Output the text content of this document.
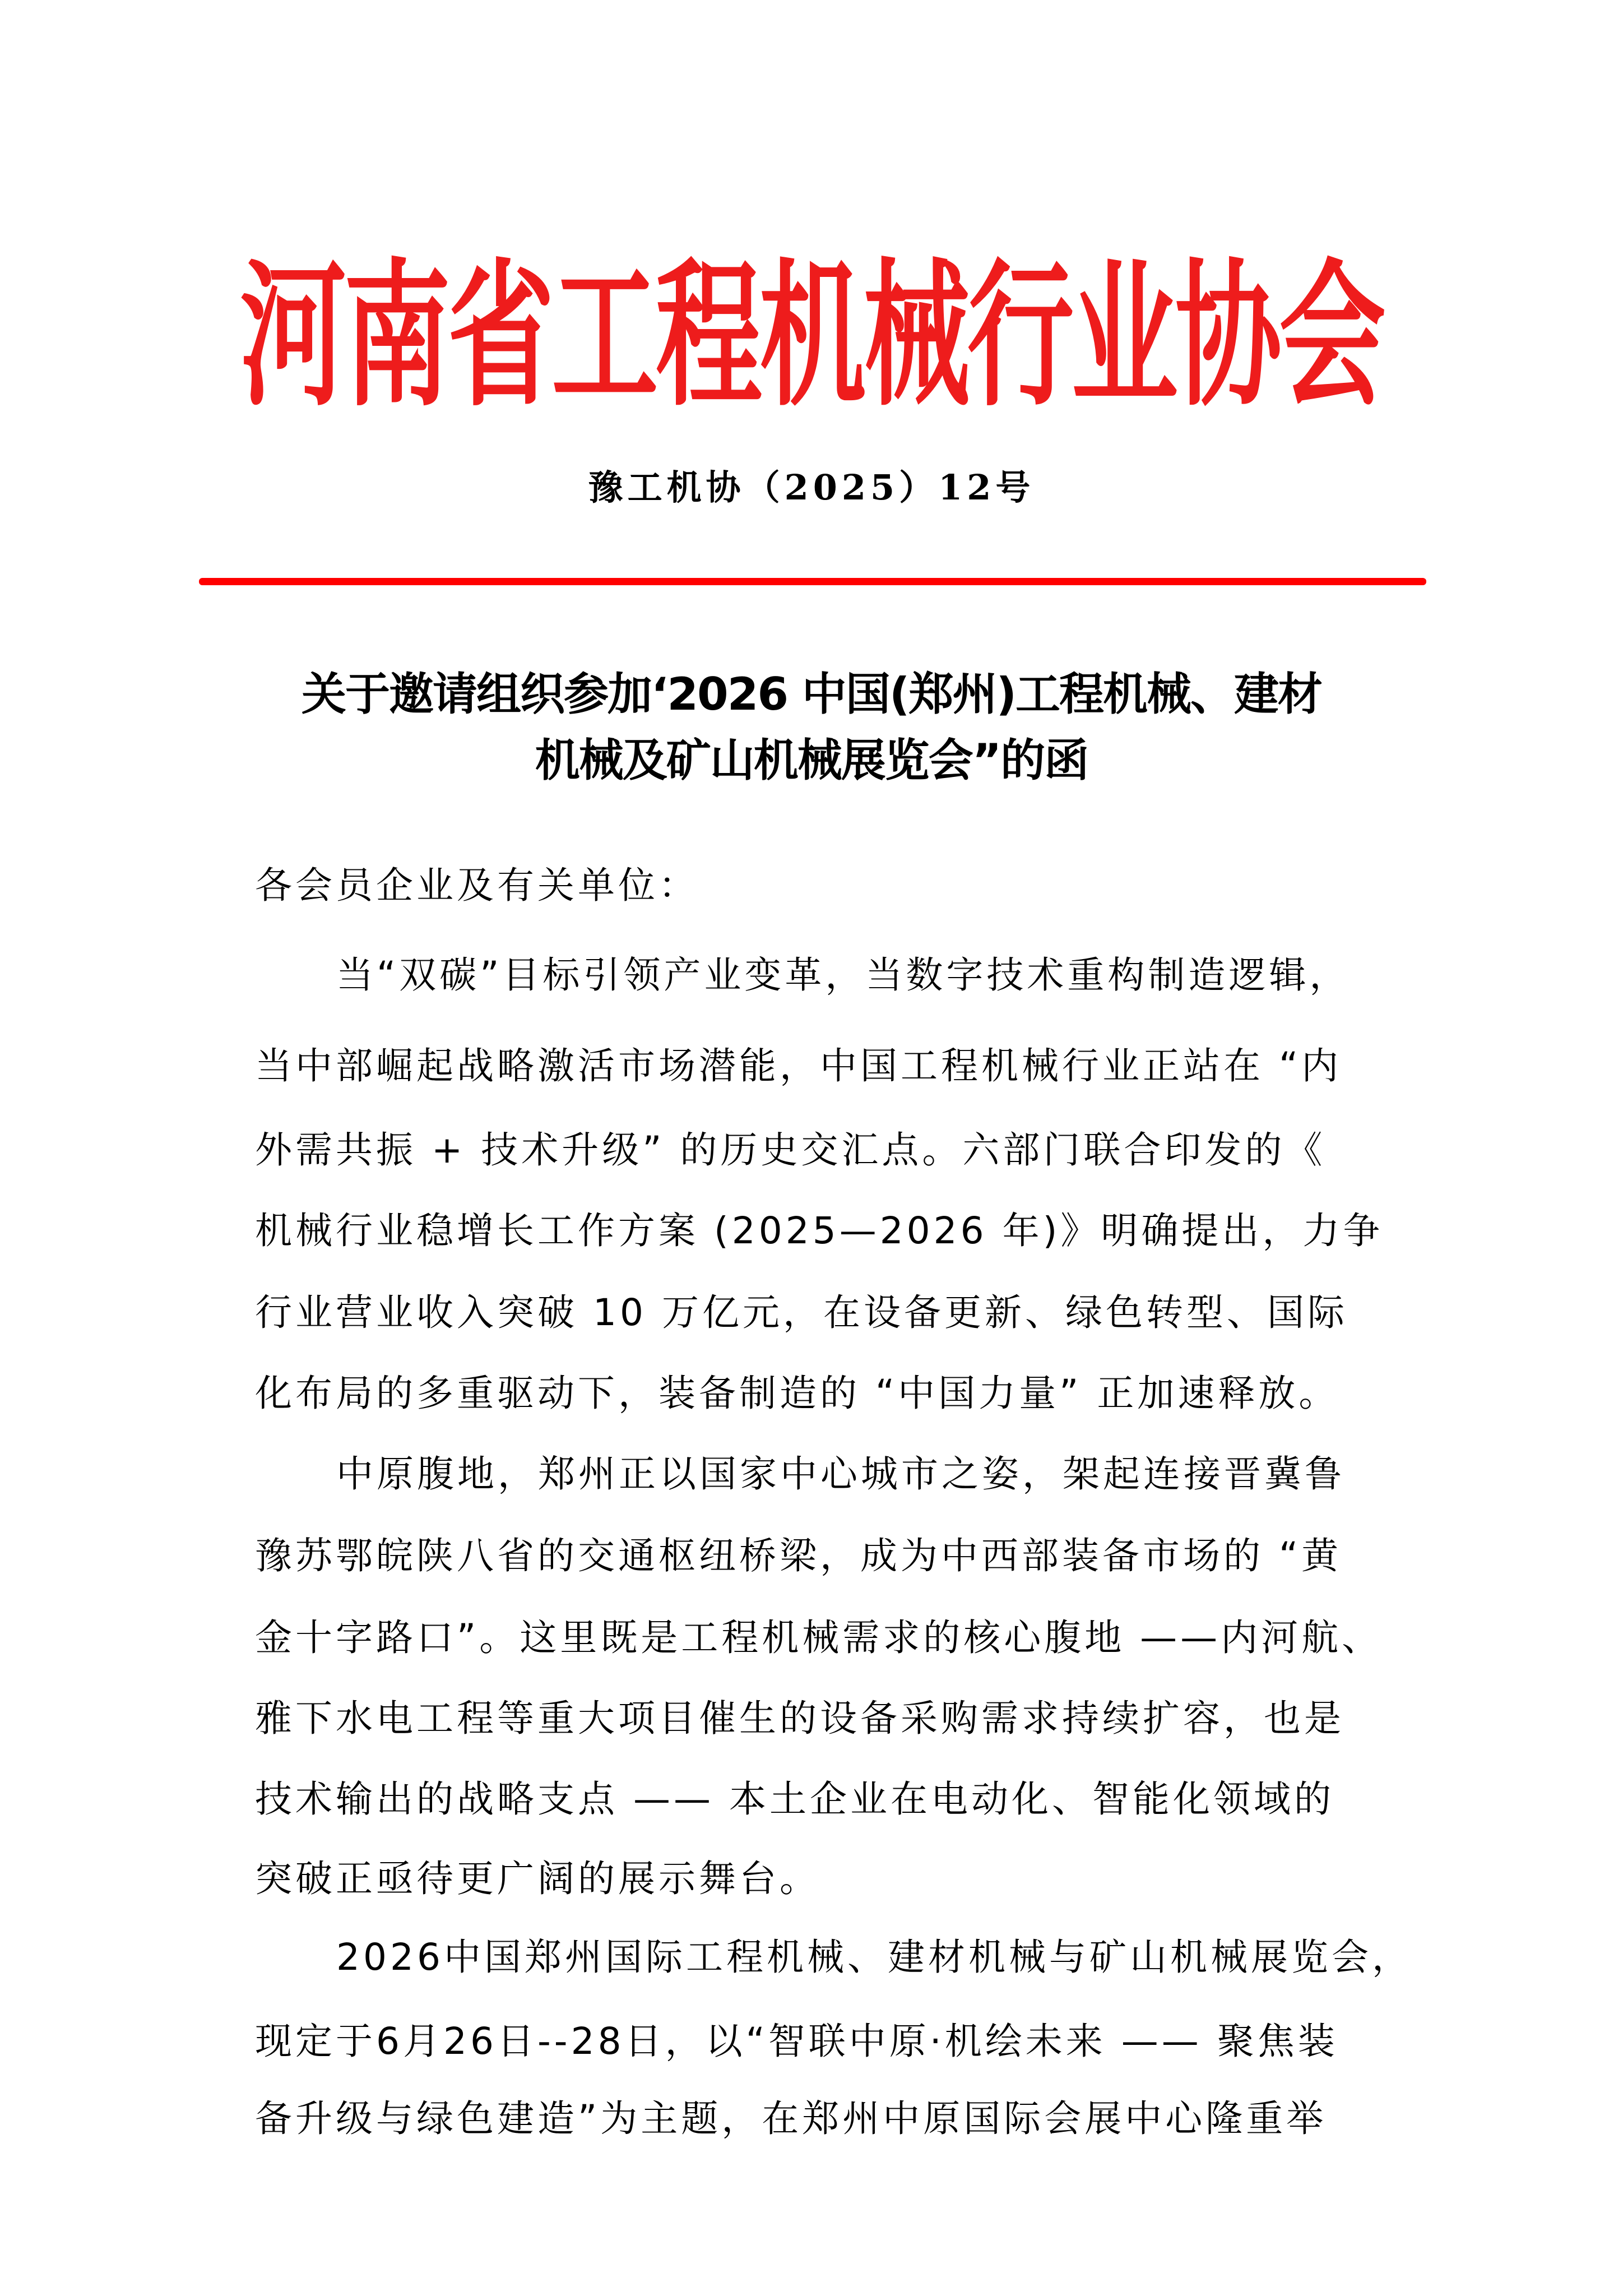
河南省工程机械行业协会
豫工机协（2025）12号
关于邀请组织参加‘2026 中国(郑州)工程机械、建材
机械及矿山机械展览会”的函
各会员企业及有关单位：
当“双碳”目标引领产业变革，当数字技术重构制造逻辑，
当中部崛起战略激活市场潜能，中国工程机械行业正站在 “内
外需共振 + 技术升级” 的历史交汇点。六部门联合印发的《
机械行业稳增长工作方案 (2025—2026 年)》明确提出，力争
行业营业收入突破 10 万亿元，在设备更新、绿色转型、国际
化布局的多重驱动下，装备制造的 “中国力量” 正加速释放。
中原腹地，郑州正以国家中心城市之姿，架起连接晋冀鲁
豫苏鄂皖陕八省的交通枢纽桥梁，成为中西部装备市场的 “黄
金十字路口”。这里既是工程机械需求的核心腹地 ——内河航、
雅下水电工程等重大项目催生的设备采购需求持续扩容，也是
技术输出的战略支点 —— 本土企业在电动化、智能化领域的
突破正亟待更广阔的展示舞台。
2026中国郑州国际工程机械、建材机械与矿山机械展览会，
现定于6月26日--28日，以“智联中原·机绘未来 —— 聚焦装
备升级与绿色建造”为主题，在郑州中原国际会展中心隆重举
